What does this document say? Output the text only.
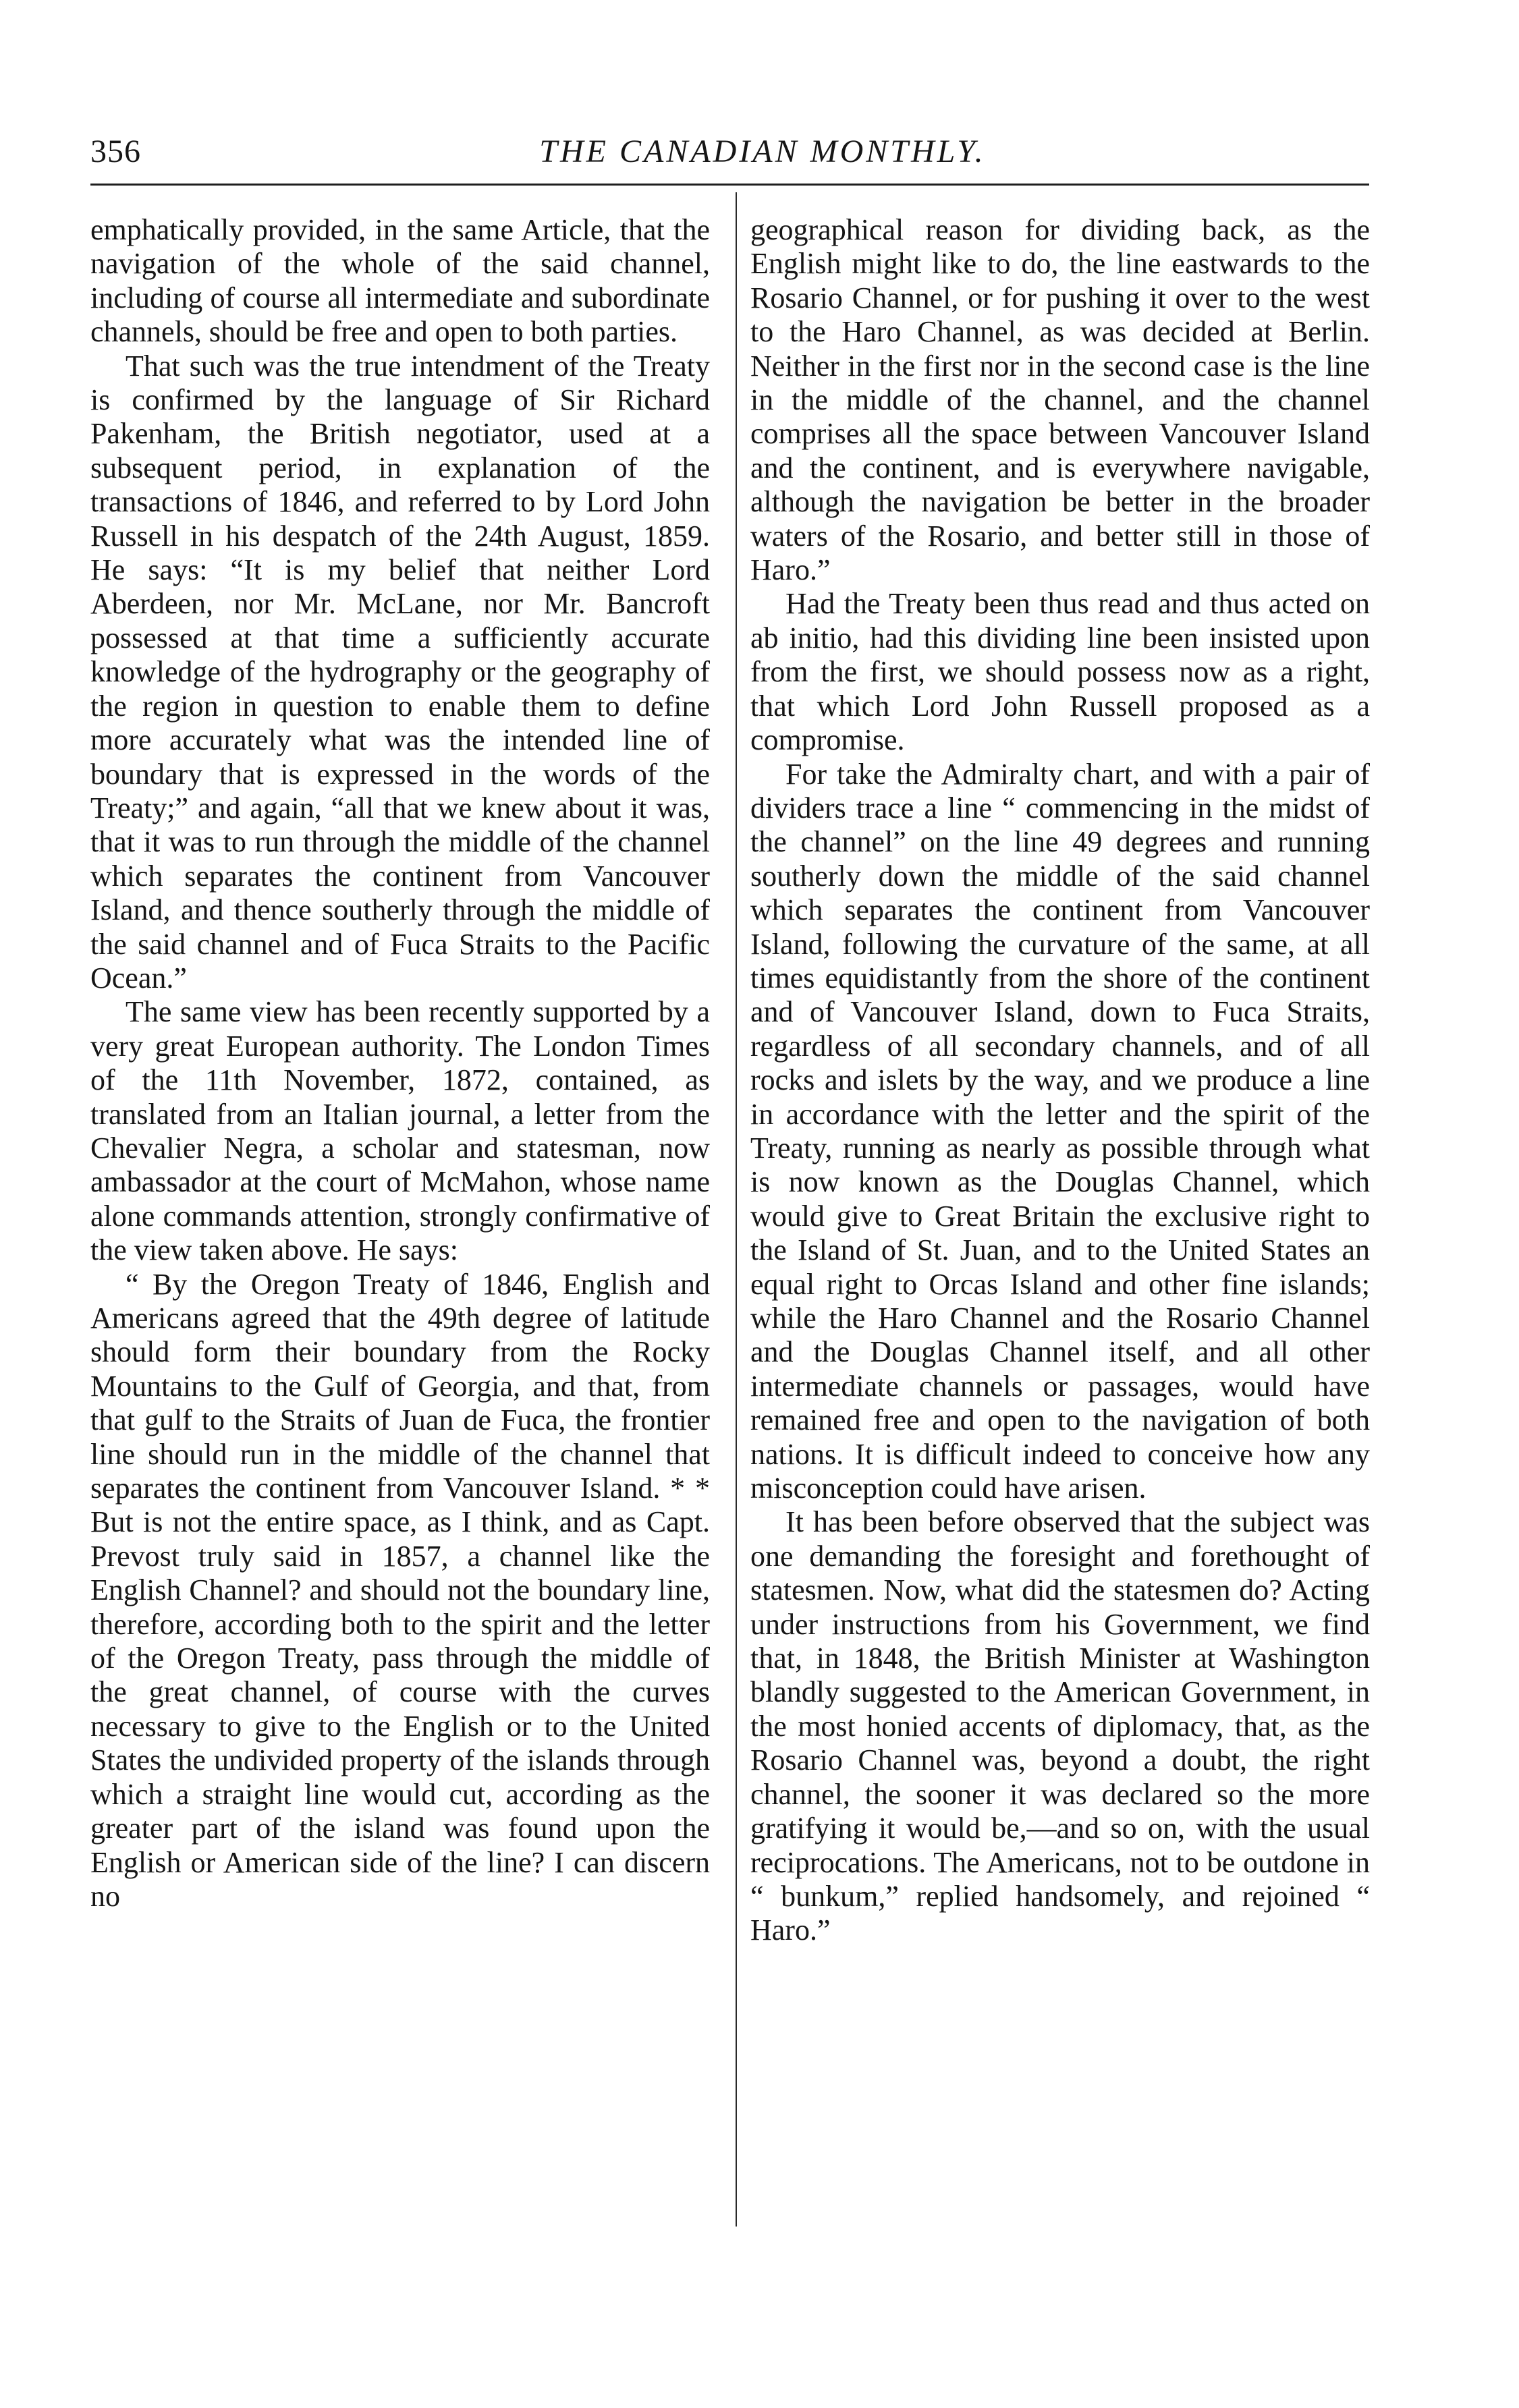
356	THE CANADIAN MONTHLY.

emphatically provided, in the same Article, that the navigation of the whole of the said channel, including of course all intermediate and subordinate channels, should be free and open to both parties.

That such was the true intendment of the Treaty is confirmed by the language of Sir Richard Pakenham, the British negotiator, used at a subsequent period, in explanation of the transactions of 1846, and referred to by Lord John Russell in his despatch of the 24th August, 1859. He says: “It is my belief that neither Lord Aberdeen, nor Mr. McLane, nor Mr. Bancroft possessed at that time a sufficiently accurate knowledge of the hydrography or the geography of the region in question to enable them to define more accurately what was the intended line of boundary that is expressed in the words of the Treaty;” and again, “all that we knew about it was, that it was to run through the middle of the channel which separates the continent from Vancouver Island, and thence southerly through the middle of the said channel and of Fuca Straits to the Pacific Ocean.”

The same view has been recently supported by a very great European authority. The London Times of the 11th November, 1872, contained, as translated from an Italian journal, a letter from the Chevalier Negra, a scholar and statesman, now ambassador at the court of McMahon, whose name alone commands attention, strongly confirmative of the view taken above. He says:

“ By the Oregon Treaty of 1846, English and Americans agreed that the 49th degree of latitude should form their boundary from the Rocky Mountains to the Gulf of Georgia, and that, from that gulf to the Straits of Juan de Fuca, the frontier line should run in the middle of the channel that separates the continent from Vancouver Island. * * But is not the entire space, as I think, and as Capt. Prevost truly said in 1857, a channel like the English Channel? and should not the boundary line, therefore, according both to the spirit and the letter of the Oregon Treaty, pass through the middle of the great channel, of course with the curves necessary to give to the English or to the United States the undivided property of the islands through which a straight line would cut, according as the greater part of the island was found upon the English or American side of the line? I can discern no

geographical reason for dividing back, as the English might like to do, the line eastwards to the Rosario Channel, or for pushing it over to the west to the Haro Channel, as was decided at Berlin. Neither in the first nor in the second case is the line in the middle of the channel, and the channel comprises all the space between Vancouver Island and the continent, and is everywhere navigable, although the navigation be better in the broader waters of the Rosario, and better still in those of Haro.”

Had the Treaty been thus read and thus acted on ab initio, had this dividing line been insisted upon from the first, we should possess now as a right, that which Lord John Russell proposed as a compromise.

For take the Admiralty chart, and with a pair of dividers trace a line “ commencing in the midst of the channel” on the line 49 degrees and running southerly down the middle of the said channel which separates the continent from Vancouver Island, following the curvature of the same, at all times equidistantly from the shore of the continent and of Vancouver Island, down to Fuca Straits, regardless of all secondary channels, and of all rocks and islets by the way, and we produce a line in accordance with the letter and the spirit of the Treaty, running as nearly as possible through what is now known as the Douglas Channel, which would give to Great Britain the exclusive right to the Island of St. Juan, and to the United States an equal right to Orcas Island and other fine islands; while the Haro Channel and the Rosario Channel and the Douglas Channel itself, and all other intermediate channels or passages, would have remained free and open to the navigation of both nations. It is difficult indeed to conceive how any misconception could have arisen.

It has been before observed that the subject was one demanding the foresight and forethought of statesmen. Now, what did the statesmen do? Acting under instructions from his Government, we find that, in 1848, the British Minister at Washington blandly suggested to the American Government, in the most honied accents of diplomacy, that, as the Rosario Channel was, beyond a doubt, the right channel, the sooner it was declared so the more gratifying it would be,—and so on, with the usual reciprocations. The Americans, not to be outdone in “ bunkum,” replied handsomely, and rejoined “ Haro.”
